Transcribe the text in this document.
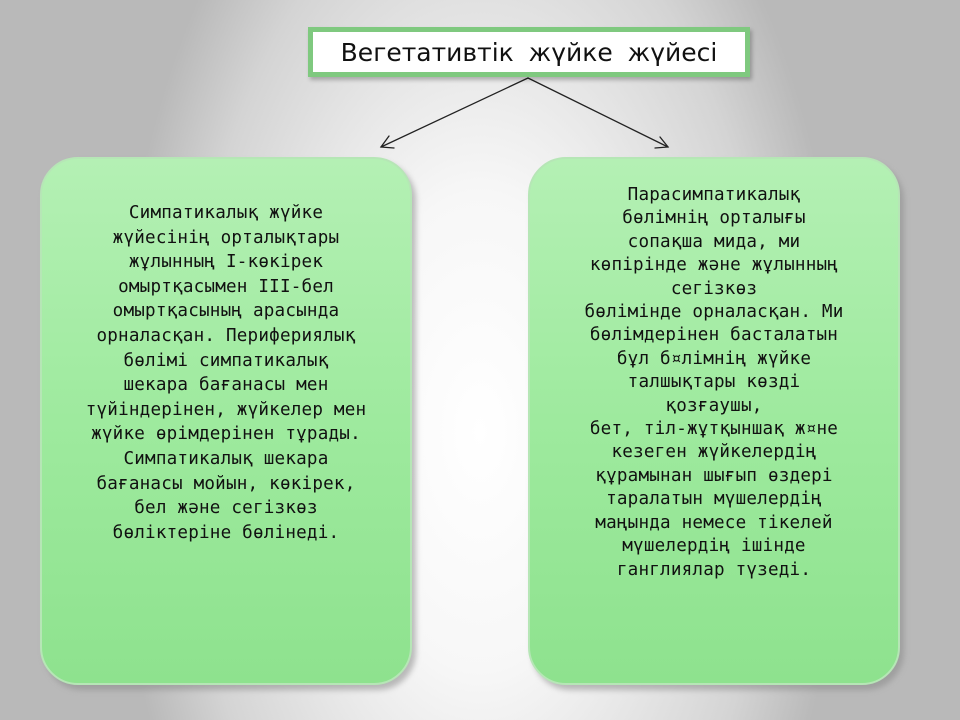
Вегетативтік жүйке жүйесі
Симпатикалық жүйке
жүйесінің орталықтары
жұлынның I-көкірек
омыртқасымен III-бел
омыртқасының арасында
орналасқан. Перифериялық
бөлімі симпатикалық
шекара бағанасы мен
түйіндерінен, жүйкелер мен
жүйке өрімдерінен тұрады.
Симпатикалық шекара
бағанасы мойын, көкірек,
бел және сегізкөз
бөліктеріне бөлінеді.
Парасимпатикалық
бөлімнің орталығы
сопақша мида, ми
көпірінде және жұлынның
сегізкөз
бөлімінде орналасқан. Ми
бөлімдерінен басталатын
бұл б¤лімнің жүйке
талшықтары көзді
қозғаушы,
бет, тіл-жұтқыншақ ж¤не
кезеген жүйкелердің
құрамынан шығып өздері
таралатын мүшелердің
маңында немесе тікелей
мүшелердің ішінде
ганглиялар түзеді.
